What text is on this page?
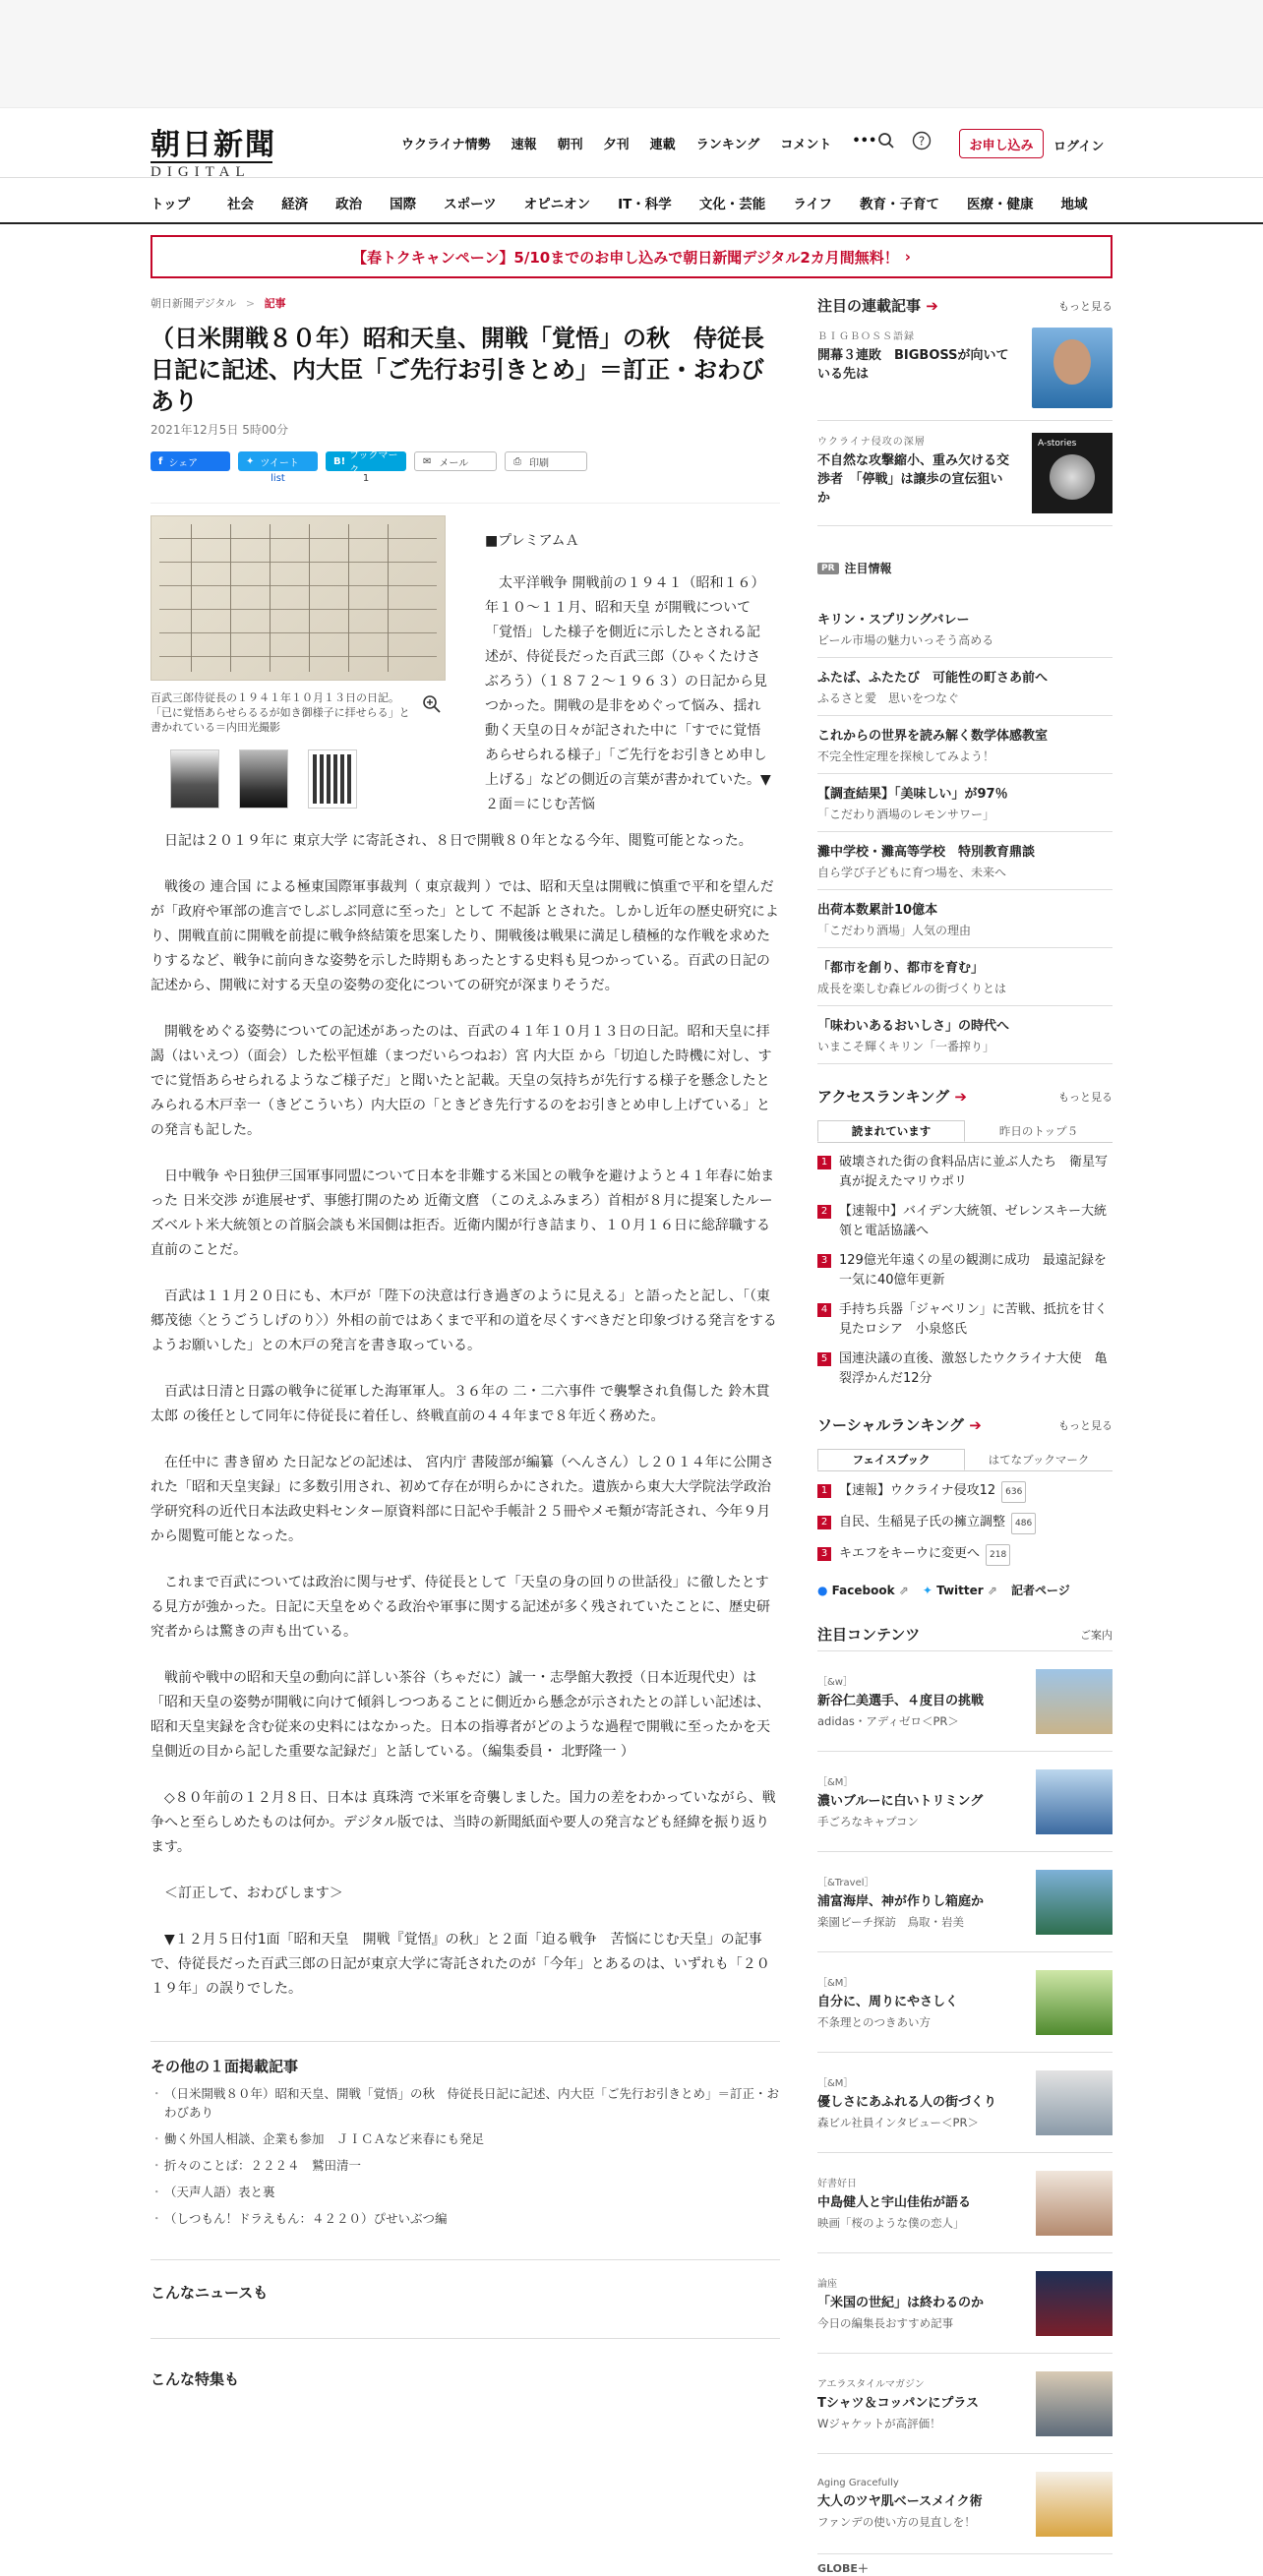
朝日新聞
DIGITAL
ウクライナ情勢 速報 朝刊 夕刊 連載 ランキング コメント •••	?	お申し込み	ログイン
トップ	社会 経済 政治 国際 スポーツ オピニオン IT・科学 文化・芸能 ライフ 教育・子育て 医療・健康 地域
【春トクキャンペーン】5/10までのお申し込みで朝日新聞デジタル2カ月間無料！ ›
朝日新聞デジタル > 記事
（日米開戦８０年）昭和天皇、開戦「覚悟」の秋　侍従長日記に記述、内大臣「ご先行お引きとめ」＝訂正・おわびあり
2021年12月5日 5時00分
f シェア	✦ ツイート
list
B! ブックマーク
1
✉ メール	⎙ 印刷
百武三郎侍従長の１９４１年１０月１３日の日記。「已に覚悟あらせらるるが如き御様子に拝せらる」と書かれている＝内田光撮影
■プレミアムＡ
太平洋戦争 開戦前の１９４１（昭和１６）年１０～１１月、昭和天皇 が開戦について「覚悟」した様子を側近に示したとされる記述が、侍従長だった百武三郎（ひゃくたけさぶろう）（１８７２～１９６３）の日記から見つかった。開戦の是非をめぐって悩み、揺れ動く天皇の日々が記された中に「すでに覚悟あらせられる様子」「ご先行をお引きとめ申し上げる」などの側近の言葉が書かれていた。▼２面＝にじむ苦悩

日記は２０１９年に 東京大学 に寄託され、８日で開戦８０年となる今年、閲覧可能となった。

戦後の 連合国 による極東国際軍事裁判（ 東京裁判 ）では、昭和天皇は開戦に慎重で平和を望んだが「政府や軍部の進言でしぶしぶ同意に至った」として 不起訴 とされた。しかし近年の歴史研究により、開戦直前に開戦を前提に戦争終結策を思案したり、開戦後は戦果に満足し積極的な作戦を求めたりするなど、戦争に前向きな姿勢を示した時期もあったとする史料も見つかっている。百武の日記の記述から、開戦に対する天皇の姿勢の変化についての研究が深まりそうだ。

開戦をめぐる姿勢についての記述があったのは、百武の４１年１０月１３日の日記。昭和天皇に拝謁（はいえつ）（面会）した松平恒雄（まつだいらつねお）宮 内大臣 から「切迫した時機に対し、すでに覚悟あらせられるようなご様子だ」と聞いたと記載。天皇の気持ちが先行する様子を懸念したとみられる木戸幸一（きどこういち）内大臣の「ときどき先行するのをお引きとめ申し上げている」との発言も記した。

日中戦争 や日独伊三国軍事同盟について日本を非難する米国との戦争を避けようと４１年春に始まった 日米交渉 が進展せず、事態打開のため 近衛文麿 （このえふみまろ）首相が８月に提案したルーズベルト米大統領との首脳会談も米国側は拒否。近衛内閣が行き詰まり、１０月１６日に総辞職する直前のことだ。

百武は１１月２０日にも、木戸が「陛下の決意は行き過ぎのように見える」と語ったと記し、「（東郷茂徳〈とうごうしげのり〉）外相の前ではあくまで平和の道を尽くすべきだと印象づける発言をするようお願いした」との木戸の発言を書き取っている。

百武は日清と日露の戦争に従軍した海軍軍人。３６年の 二・二六事件 で襲撃され負傷した 鈴木貫太郎 の後任として同年に侍従長に着任し、終戦直前の４４年まで８年近く務めた。

在任中に 書き留め た日記などの記述は、 宮内庁 書陵部が編纂（へんさん）し２０１４年に公開された「昭和天皇実録」に多数引用され、初めて存在が明らかにされた。遺族から東大大学院法学政治学研究科の近代日本法政史料センター原資料部に日記や手帳計２５冊やメモ類が寄託され、今年９月から閲覧可能となった。

これまで百武については政治に関与せず、侍従長として「天皇の身の回りの世話役」に徹したとする見方が強かった。日記に天皇をめぐる政治や軍事に関する記述が多く残されていたことに、歴史研究者からは驚きの声も出ている。

戦前や戦中の昭和天皇の動向に詳しい茶谷（ちゃだに）誠一・志學館大教授（日本近現代史）は「昭和天皇の姿勢が開戦に向けて傾斜しつつあることに側近から懸念が示されたとの詳しい記述は、昭和天皇実録を含む従来の史料にはなかった。日本の指導者がどのような過程で開戦に至ったかを天皇側近の目から記した重要な記録だ」と話している。（編集委員・ 北野隆一 ）

◇８０年前の１２月８日、日本は 真珠湾 で米軍を奇襲しました。国力の差をわかっていながら、戦争へと至らしめたものは何か。デジタル版では、当時の新聞紙面や要人の発言なども経緯を振り返ります。

＜訂正して、おわびします＞

▼１２月５日付1面「昭和天皇　開戦『覚悟』の秋」と２面「迫る戦争　苦悩にじむ天皇」の記事で、侍従長だった百武三郎の日記が東京大学に寄託されたのが「今年」とあるのは、いずれも「２０１９年」の誤りでした。

その他の１面掲載記事
・ （日米開戦８０年）昭和天皇、開戦「覚悟」の秋　侍従長日記に記述、内大臣「ご先行お引きとめ」＝訂正・おわびあり
・ 働く外国人相談、企業も参加　ＪＩＣＡなど来春にも発足
・ 折々のことば：２２２４　鷲田清一
・ （天声人語）表と裏
・ （しつもん！ドラえもん：４２２０）ぴせいぶつ編
こんなニュースも
こんな特集も
注目の連載記事 ➔	もっと見る
ＢＩＧＢＯＳＳ語録
開幕３連敗　BIGBOSSが向いている先は
ウクライナ侵攻の深層
不自然な攻撃縮小、重み欠ける交渉者　「停戦」は譲歩の宣伝狙いか
A-stories
PR 注目情報
キリン・スプリングバレー
ビール市場の魅力いっそう高める
ふたば、ふたたび　可能性の町さあ前へ
ふるさと愛　思いをつなぐ
これからの世界を読み解く数学体感教室
不完全性定理を探検してみよう！
【調査結果】「美味しい」が97％
「こだわり酒場のレモンサワー」
灘中学校・灘高等学校　特別教育鼎談
自ら学び子どもに育つ場を、未来へ
出荷本数累計10億本
「こだわり酒場」人気の理由
「都市を創り、都市を育む」
成長を楽しむ森ビルの街づくりとは
「味わいあるおいしさ」の時代へ
いまこそ輝くキリン「一番搾り」
アクセスランキング ➔	もっと見る
読まれています	昨日のトップ５
1 破壊された街の食料品店に並ぶ人たち　衛星写真が捉えたマリウポリ
2 【速報中】バイデン大統領、ゼレンスキー大統領と電話協議へ
3 129億光年遠くの星の観測に成功　最遠記録を一気に40億年更新
4 手持ち兵器「ジャベリン」に苦戦、抵抗を甘く見たロシア　小泉悠氏
5 国連決議の直後、激怒したウクライナ大使　亀裂浮かんだ12分
ソーシャルランキング ➔	もっと見る
フェイスブック	はてなブックマーク
1 【速報】ウクライナ侵攻12	636
2 自民、生稲晃子氏の擁立調整	486
3 キエフをキーウに変更へ	218
● Facebook ⇗ ✦ Twitter ⇗ 記者ページ
注目コンテンツ	ご案内
［&w］
新谷仁美選手、４度目の挑戦
adidas・アディゼロ＜PR＞
［&M］
濃いブルーに白いトリミング
手ごろなキャプコン
［&Travel］
浦富海岸、神が作りし箱庭か
楽園ビーチ探訪　鳥取・岩美
［&M］
自分に、周りにやさしく
不条理とのつきあい方
［&M］
優しさにあふれる人の街づくり
森ビル社員インタビュー＜PR＞
好書好日
中島健人と宇山佳佑が語る
映画「桜のような僕の恋人」
論座
「米国の世紀」は終わるのか
今日の編集長おすすめ記事
アエラスタイルマガジン
Tシャツ＆コッパンにプラス
Wジャケットが高評価！
Aging Gracefully
大人のツヤ肌ベースメイク術
ファンデの使い方の見直しを！
GLOBE＋
